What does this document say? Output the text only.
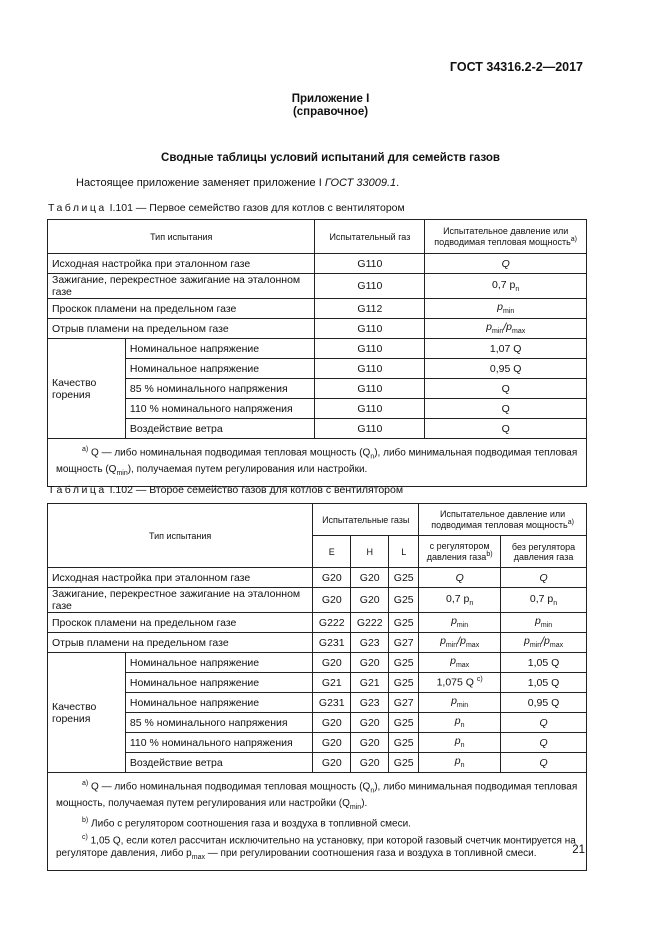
ГОСТ 34316.2-2—2017
Приложение I
(справочное)
Сводные таблицы условий испытаний для семейств газов
Настоящее приложение заменяет приложение I ГОСТ 33009.1.
Таблица I.101 — Первое семейство газов для котлов с вентилятором
Тип испытания		Испытательный газ	Испытательное давление или подводимая тепловая мощность$^{а)}$
Исходная настройка при эталонном газе		G110	Q
Зажигание, перекрестное зажигание на эталонном газе		G110	0,7 $p_n$
Проскок пламени на предельном газе		G112	$p_{min}$
Отрыв пламени на предельном газе		G110	$p_{min}/p_{max}$
Качество горения	Номинальное напряжение	G110	1,07 Q
	Номинальное напряжение	G110	0,95 Q
	85 % номинального напряжения	G110	Q
	110 % номинального напряжения	G110	Q
	Воздействие ветра	G110	Q

$^{а)}$ Q — либо номинальная подводимая тепловая мощность $(Q_n)$, либо минимальная подводимая тепловая мощность $(Q_{min})$, получаемая путем регулирования или настройки.			

Таблица I.102 — Второе семейство газов для котлов с вентилятором
Тип испытания		Испытательные газы			Испытательное давление или подводимая тепловая мощность$^{а)}$
		E	H	L	с регулятором давления газа$^{b)}$	без регулятора давления газа
Исходная настройка при эталонном газе		G20	G20	G25	Q	Q
Зажигание, перекрестное зажигание на эталонном газе		G20	G20	G25	0,7 $p_n$	0,7 $p_n$
Проскок пламени на предельном газе		G222	G222	G25	$p_{min}$	$p_{min}$
Отрыв пламени на предельном газе		G231	G23	G27	$p_{min}/p_{max}$	$p_{min}/p_{max}$
Качество горения	Номинальное напряжение	G20	G20	G25	$p_{max}$	1,05 Q
	Номинальное напряжение	G21	G21	G25	1,075 Q $^{c)}$	1,05 Q
	Номинальное напряжение	G231	G23	G27	$p_{min}$	0,95 Q
	85 % номинального напряжения	G20	G20	G25	$p_n$	Q
	110 % номинального напряжения	G20	G20	G25	$p_n$	Q
	Воздействие ветра	G20	G20	G25	$p_n$	Q

$^{а)}$ Q — либо номинальная подводимая тепловая мощность $(Q_n)$, либо минимальная подводимая тепловая мощность, получаемая путем регулирования или настройки $(Q_{min})$.

$^{b)}$ Либо с регулятором соотношения газа и воздуха в топливной смеси.

$^{c)}$ 1,05 Q, если котел рассчитан исключительно на установку, при которой газовый счетчик монтируется на регуляторе давления, либо $p_{max}$ — при регулировании соотношения газа и воздуха в топливной смеси.							21
